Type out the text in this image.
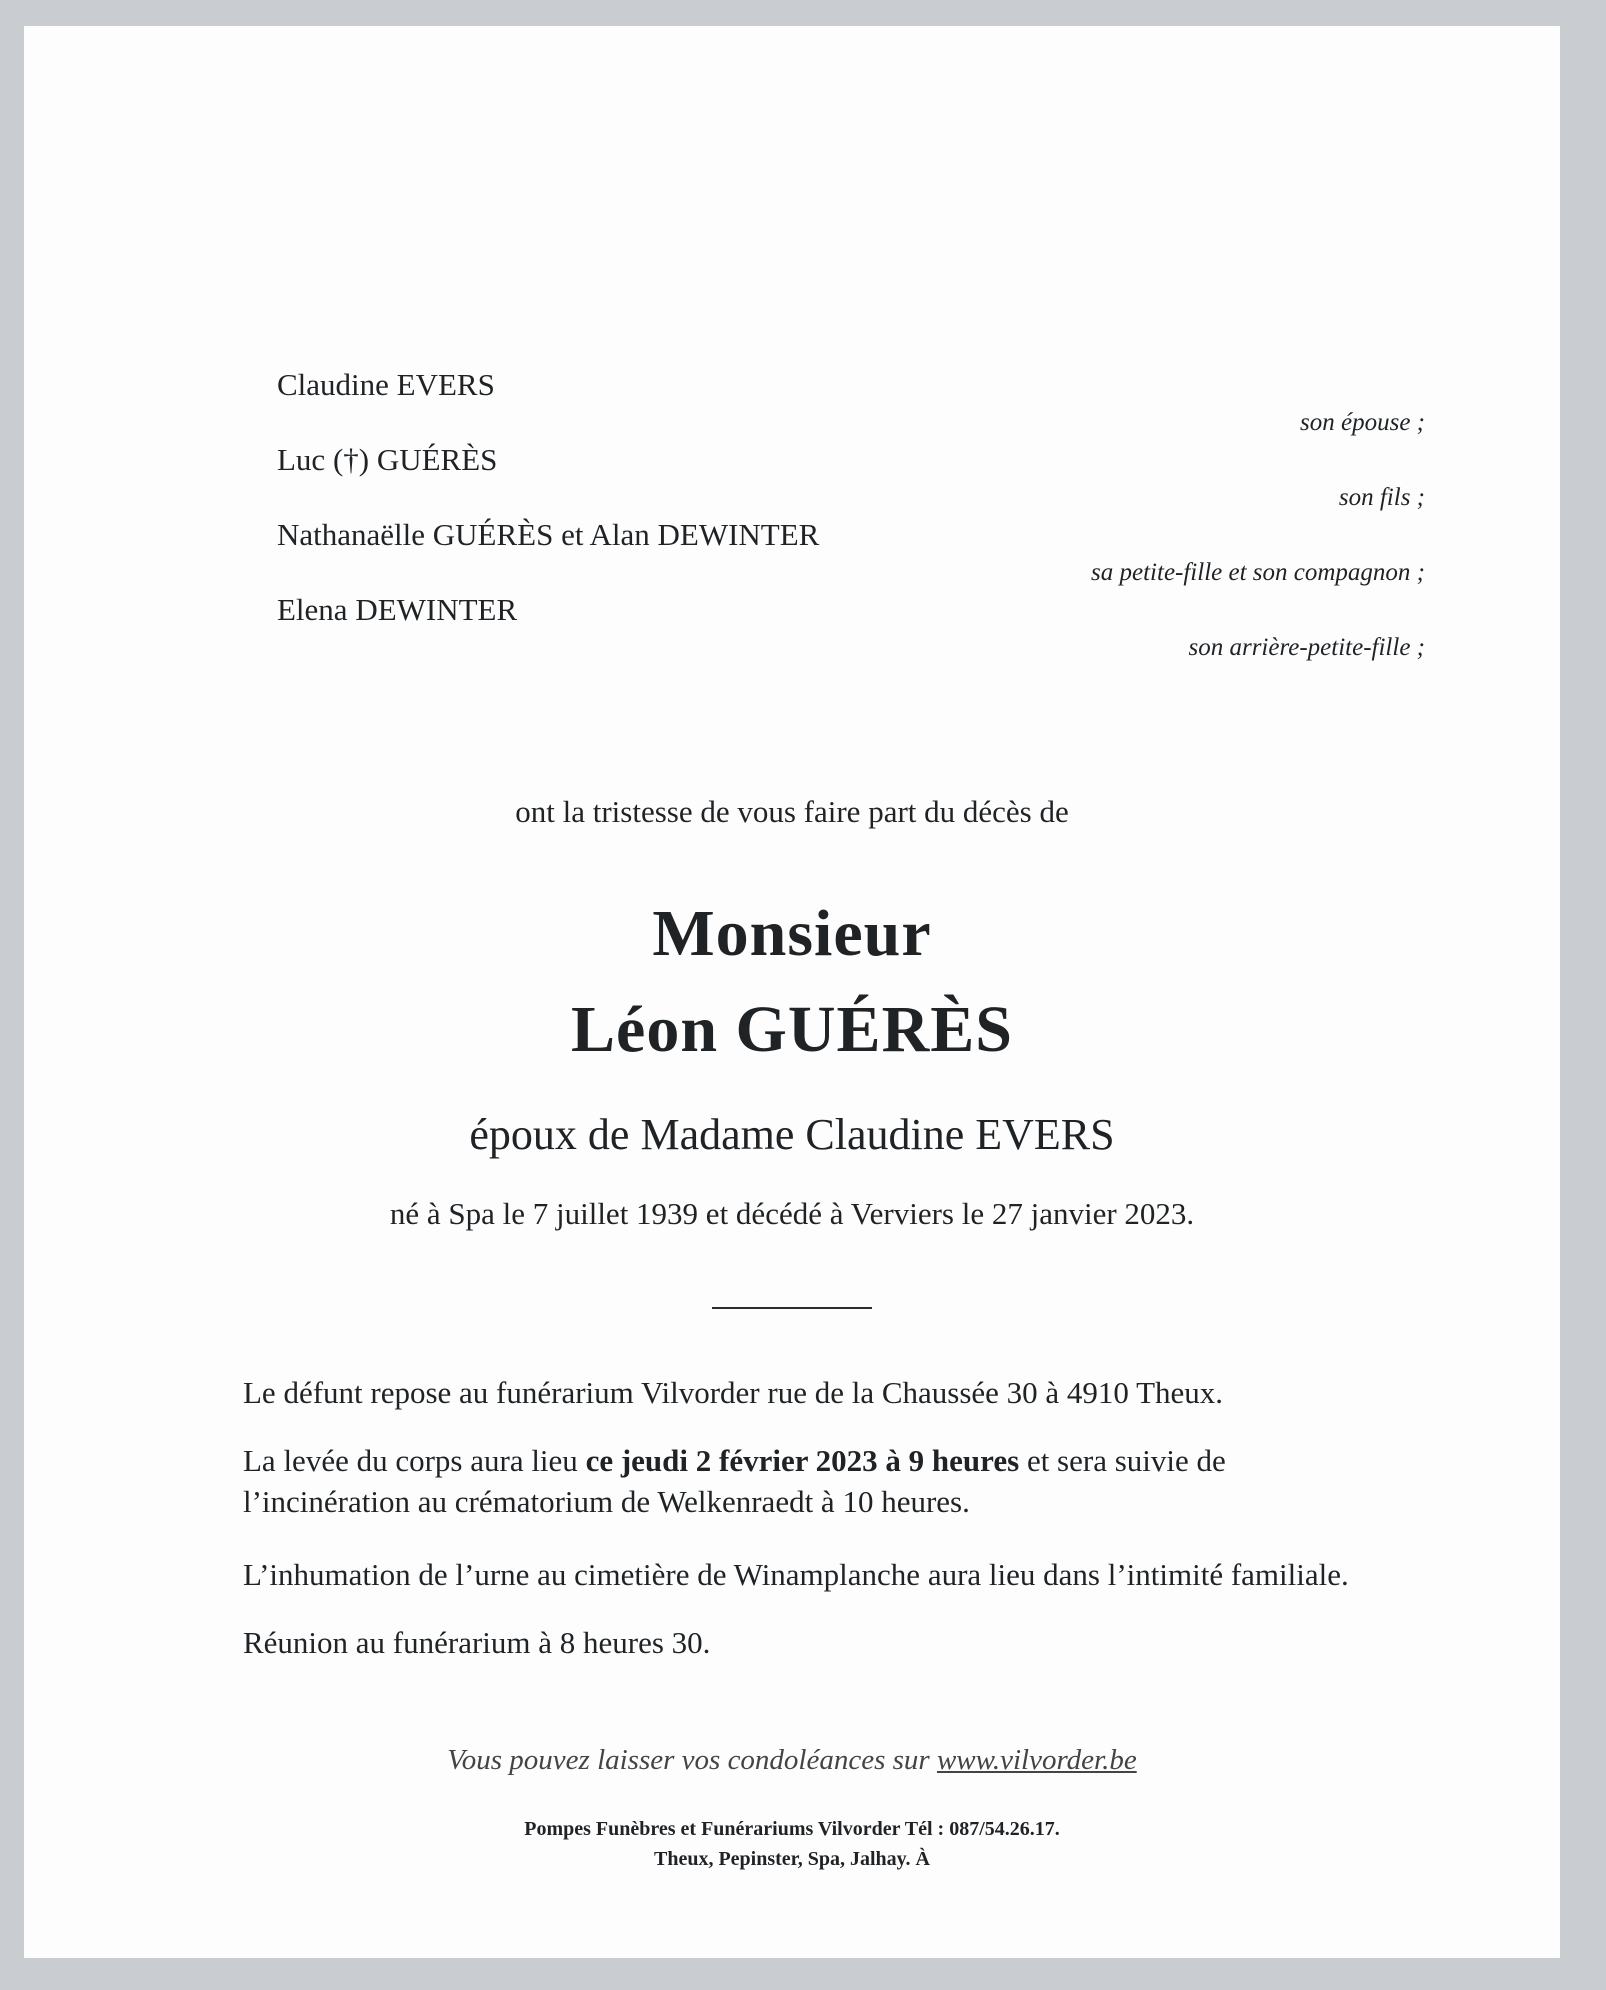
Claudine EVERS
Luc (†) GUÉRÈS
Nathanaëlle GUÉRÈS et Alan DEWINTER
Elena DEWINTER
son épouse ;
son fils ;
sa petite-fille et son compagnon ;
son arrière-petite-fille ;
ont la tristesse de vous faire part du décès de
Monsieur
Léon GUÉRÈS
époux de Madame Claudine EVERS
né à Spa le 7 juillet 1939 et décédé à Verviers le 27 janvier 2023.
Le défunt repose au funérarium Vilvorder rue de la Chaussée 30 à 4910 Theux.
La levée du corps aura lieu ce jeudi 2 février 2023 à 9 heures et sera suivie de l’incinération au crématorium de Welkenraedt à 10 heures.
L’inhumation de l’urne au cimetière de Winamplanche aura lieu dans l’intimité familiale.
Réunion au funérarium à 8 heures 30.
Vous pouvez laisser vos condoléances sur www.vilvorder.be
Pompes Funèbres et Funérariums Vilvorder Tél : 087/54.26.17.
Theux, Pepinster, Spa, Jalhay. À
